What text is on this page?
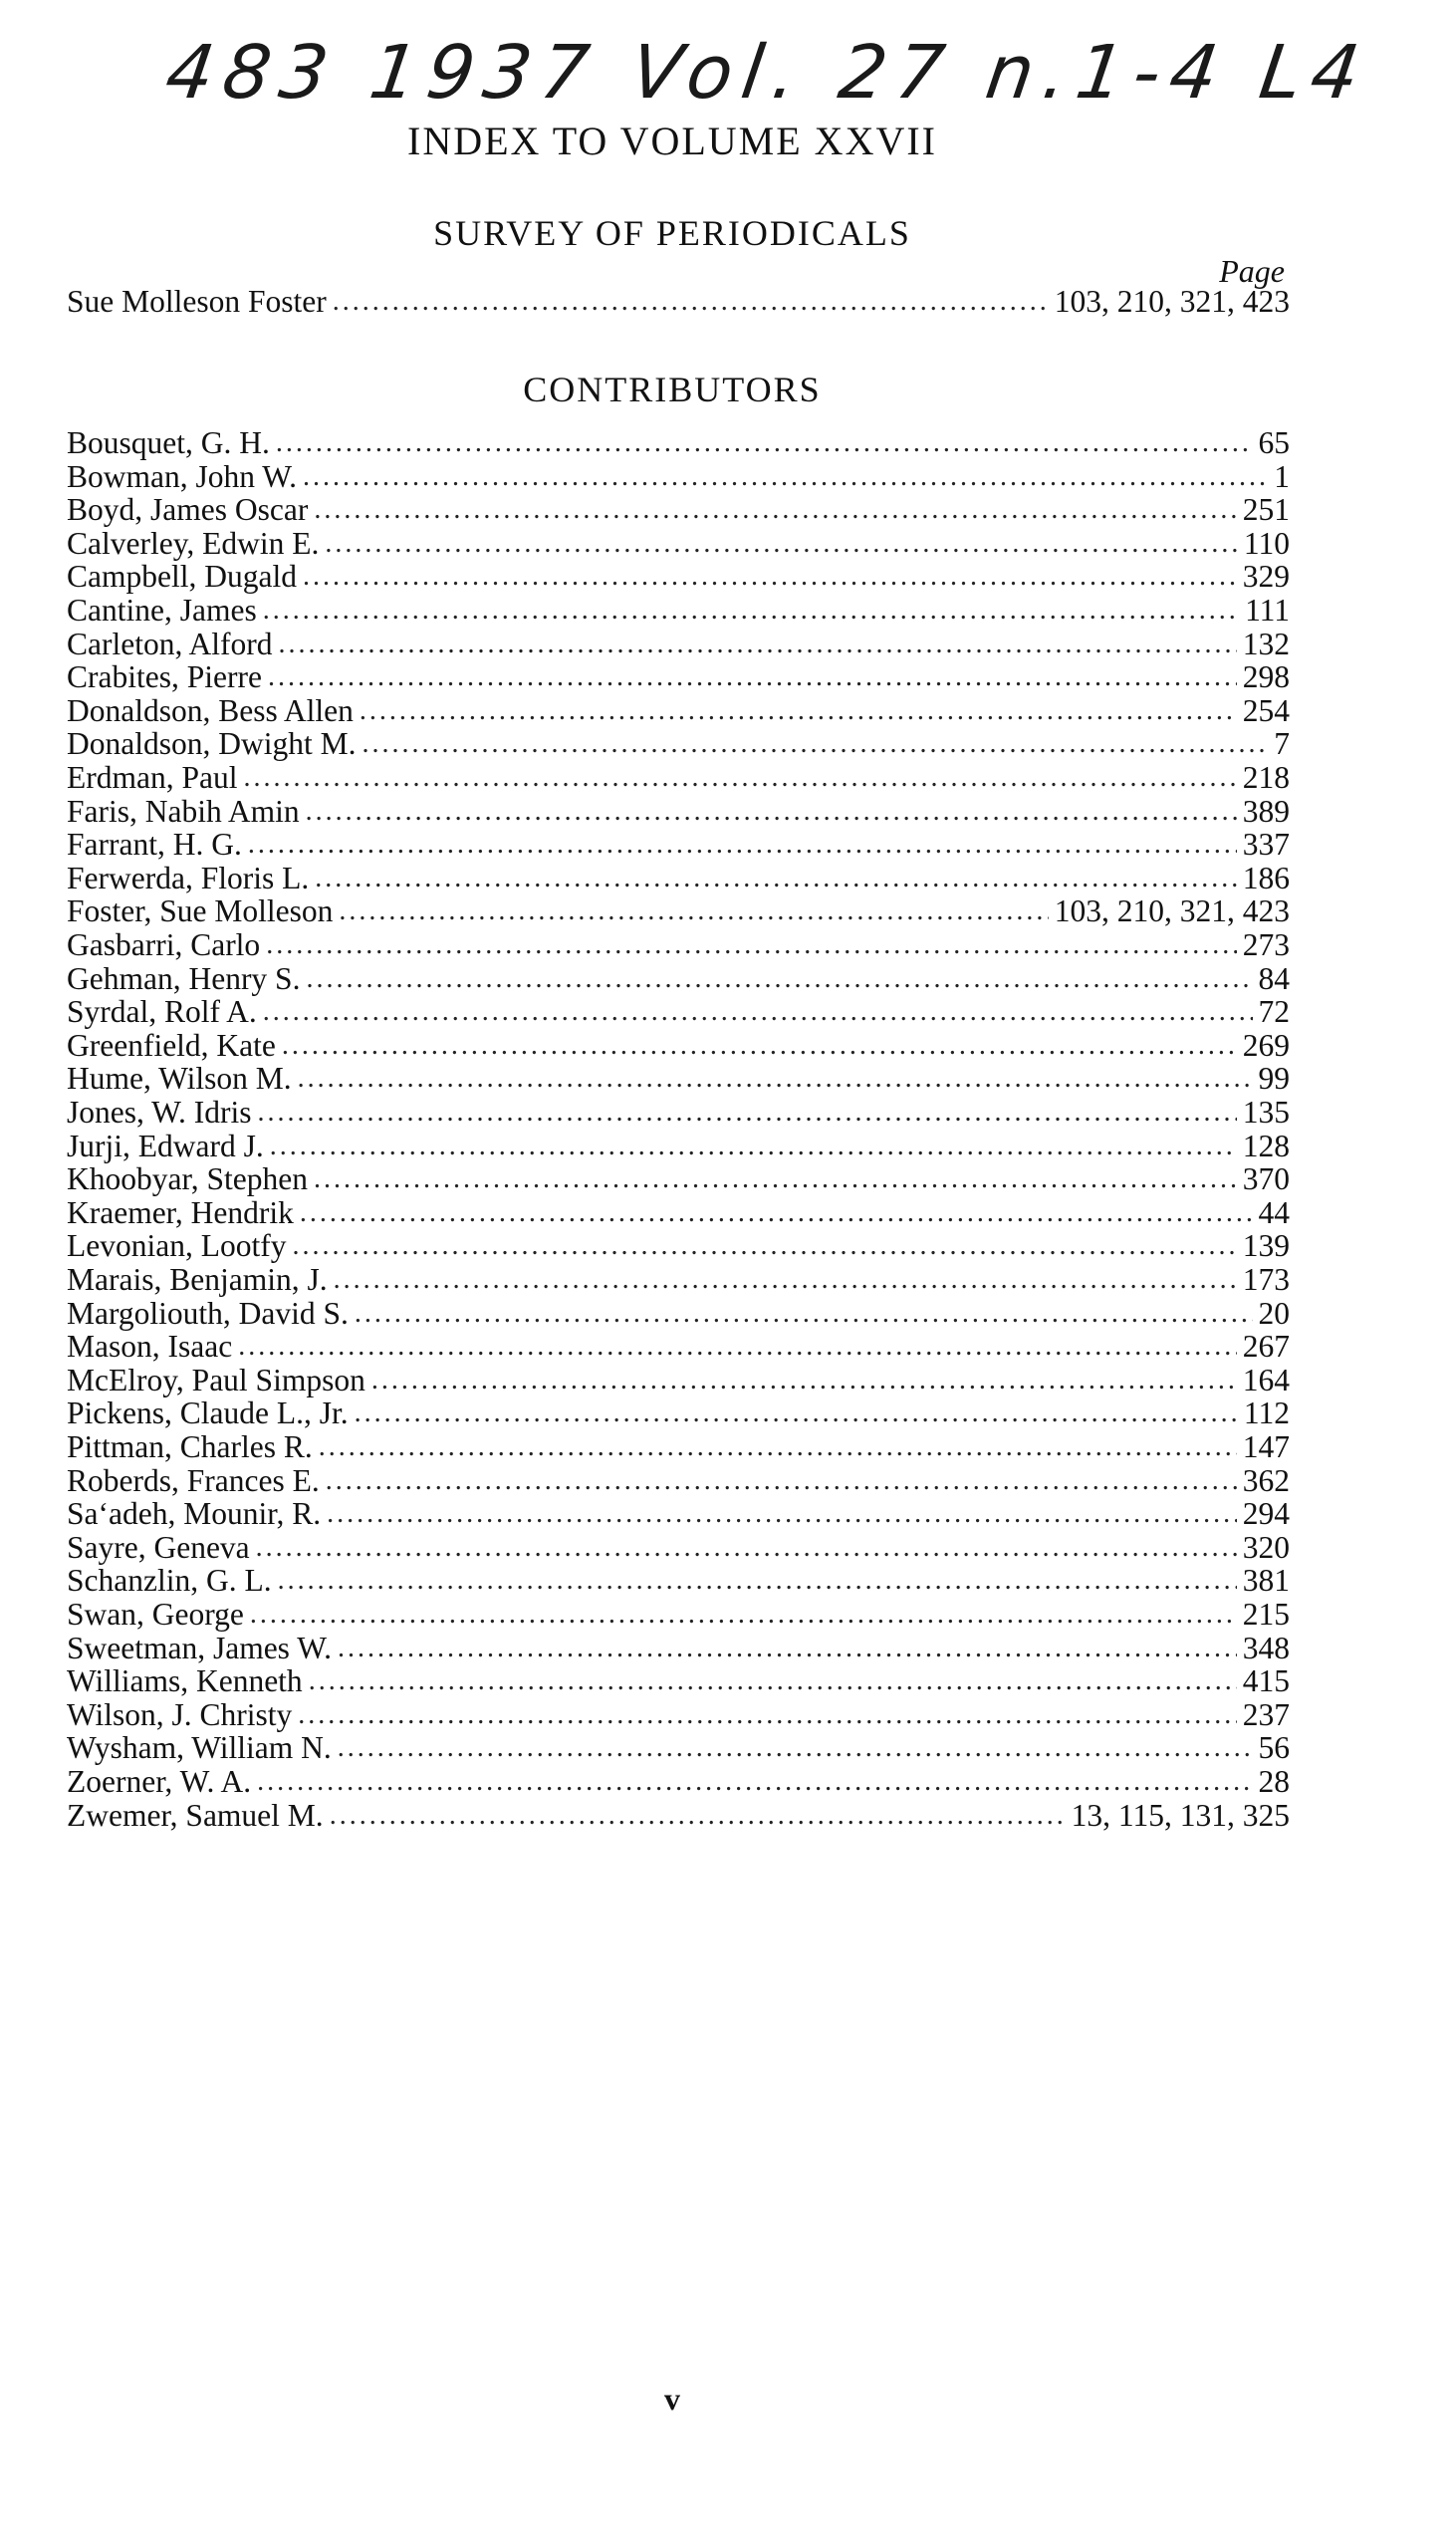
483 1937 Vol. 27 n.1-4 L4
INDEX TO VOLUME XXVII
SURVEY OF PERIODICALS
Page
Sue Molleson Foster .....	103, 210, 321, 423
CONTRIBUTORS
Bousquet, G. H. .....	65
Bowman, John W. .....	1
Boyd, James Oscar .....	251
Calverley, Edwin E. .....	110
Campbell, Dugald .....	329
Cantine, James .....	111
Carleton, Alford .....	132
Crabites, Pierre .....	298
Donaldson, Bess Allen .....	254
Donaldson, Dwight M. .....	7
Erdman, Paul .....	218
Faris, Nabih Amin .....	389
Farrant, H. G. .....	337
Ferwerda, Floris L. .....	186
Foster, Sue Molleson .....	103, 210, 321, 423
Gasbarri, Carlo .....	273
Gehman, Henry S. .....	84
Syrdal, Rolf A. .....	72
Greenfield, Kate .....	269
Hume, Wilson M. .....	99
Jones, W. Idris .....	135
Jurji, Edward J. .....	128
Khoobyar, Stephen .....	370
Kraemer, Hendrik .....	44
Levonian, Lootfy .....	139
Marais, Benjamin, J. .....	173
Margoliouth, David S. .....	20
Mason, Isaac .....	267
McElroy, Paul Simpson .....	164
Pickens, Claude L., Jr. .....	112
Pittman, Charles R. .....	147
Roberds, Frances E. .....	362
Sa‘adeh, Mounir, R. .....	294
Sayre, Geneva .....	320
Schanzlin, G. L. .....	381
Swan, George .....	215
Sweetman, James W. .....	348
Williams, Kenneth .....	415
Wilson, J. Christy .....	237
Wysham, William N. .....	56
Zoerner, W. A. .....	28
Zwemer, Samuel M. .....	13, 115, 131, 325
v
